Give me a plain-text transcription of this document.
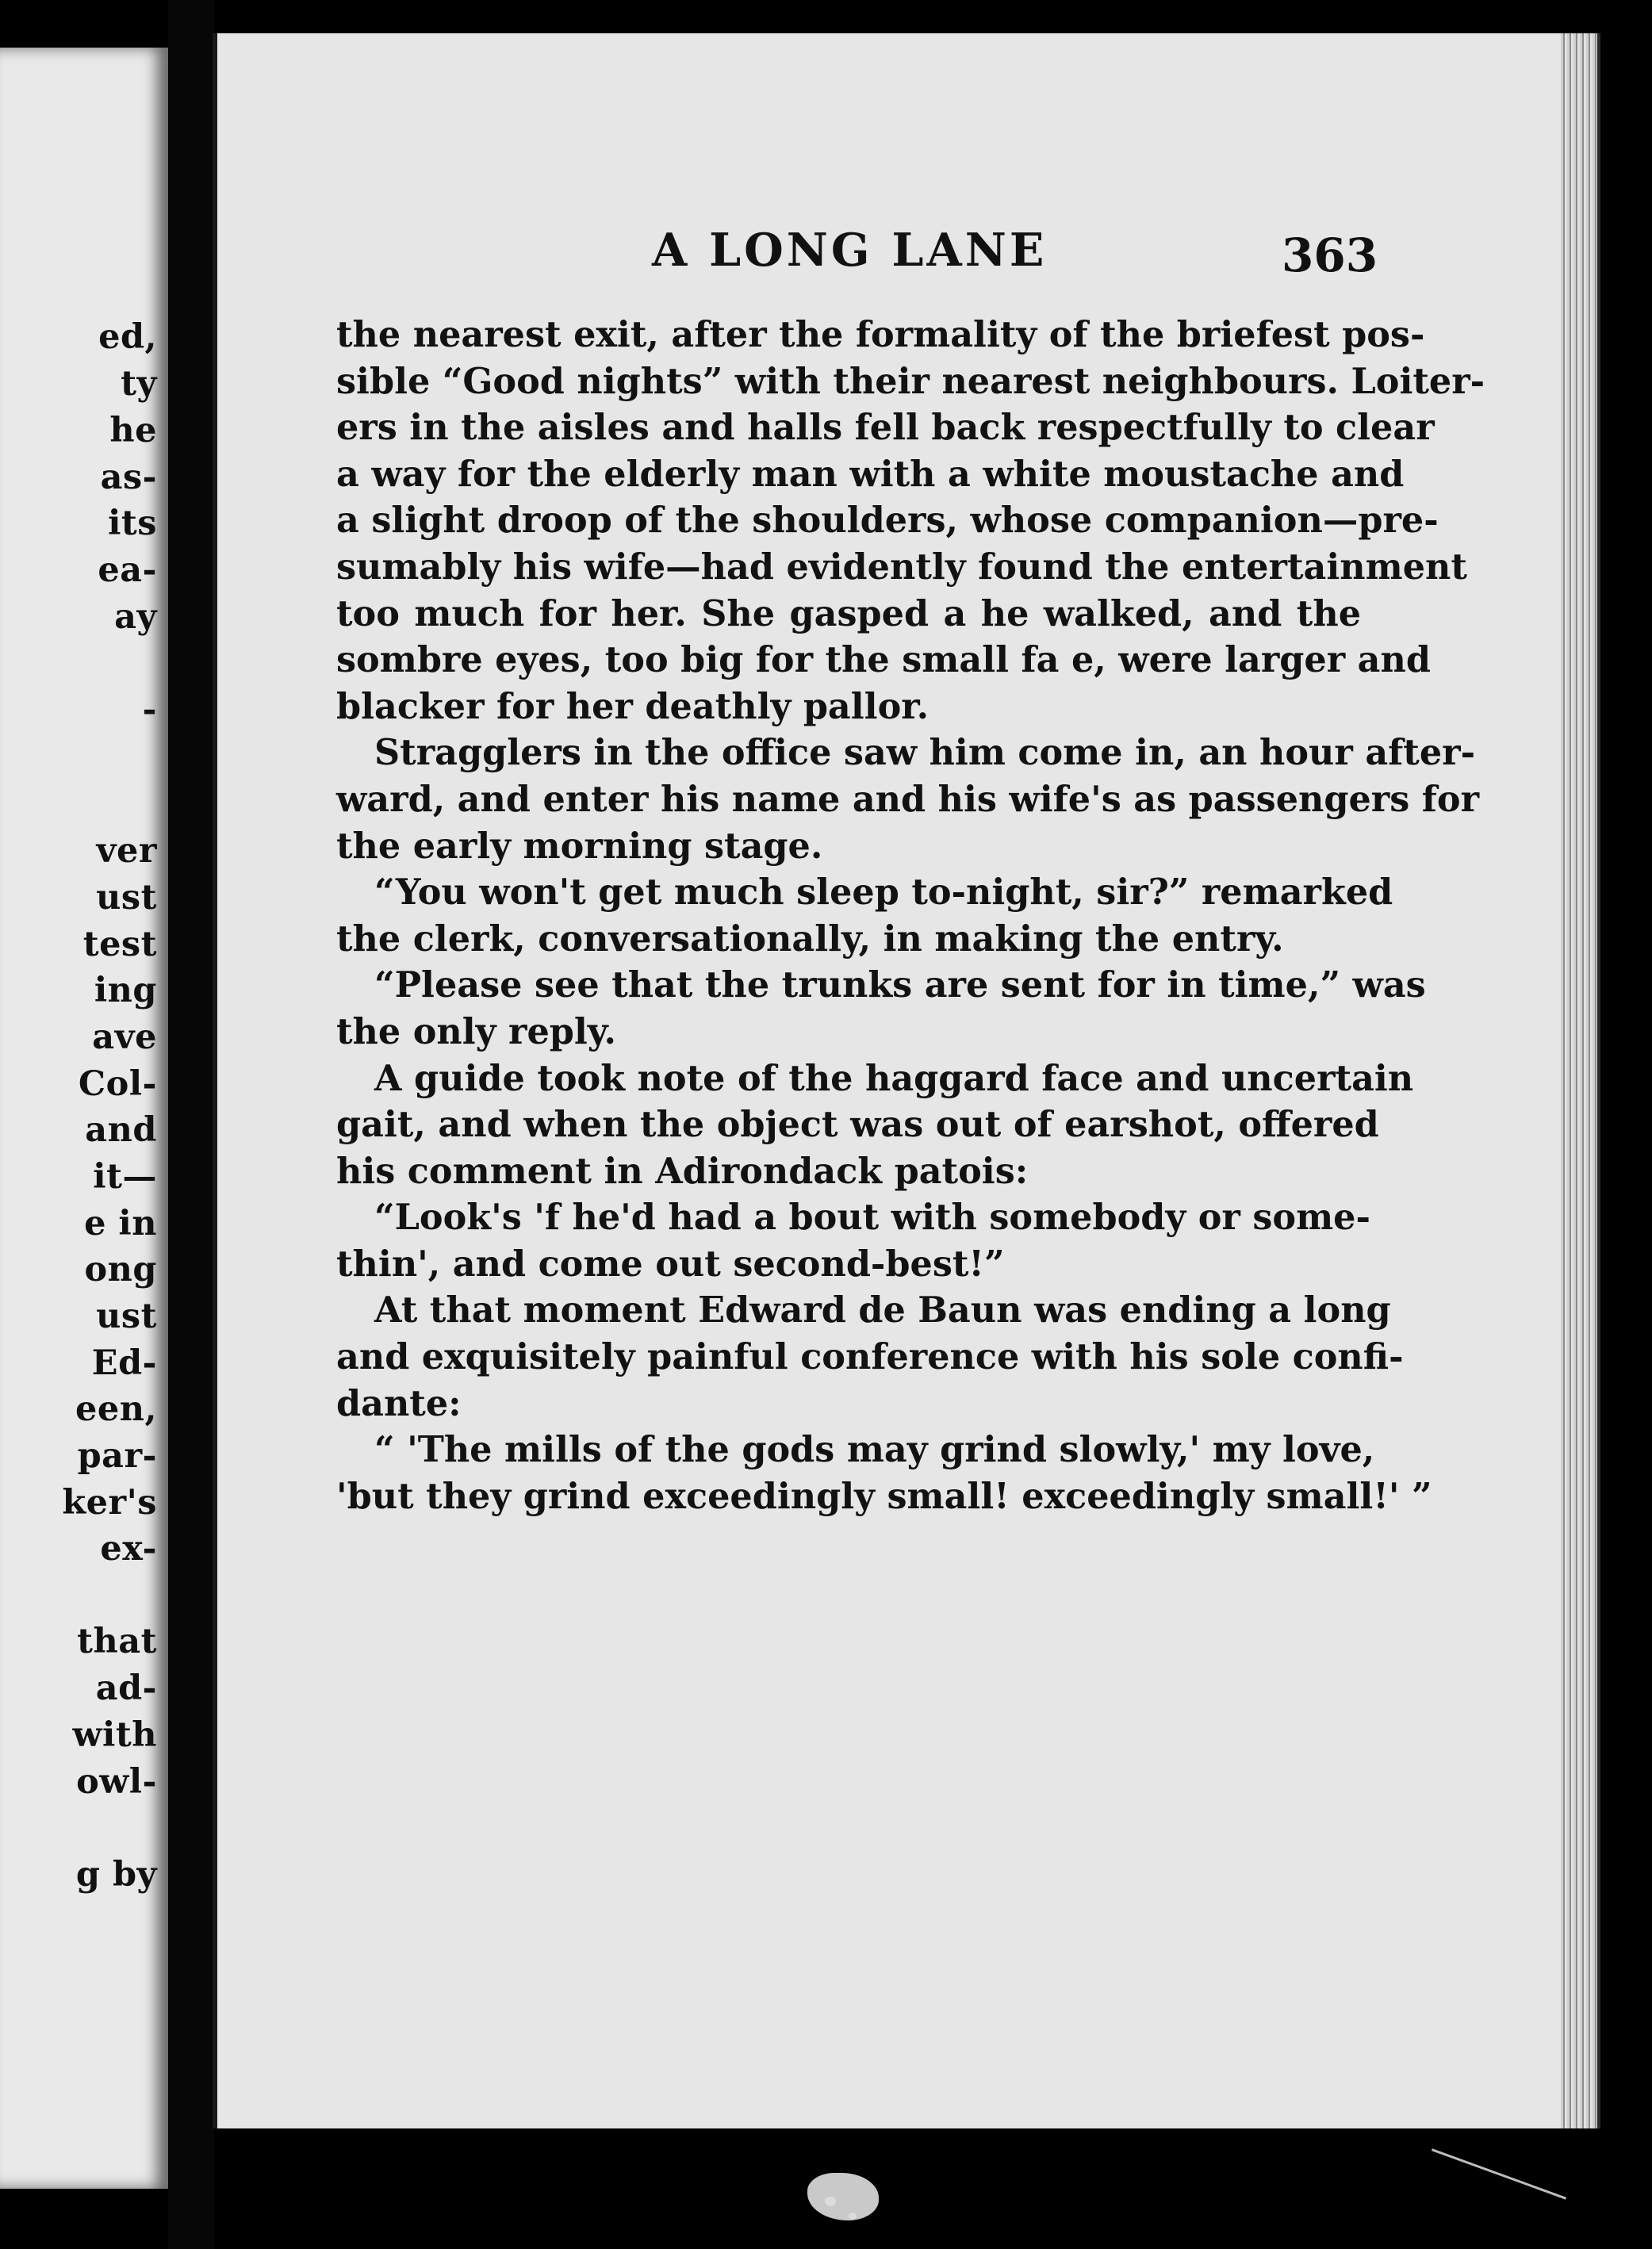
ed,
ty
he
as-
its
ea-
ay
-
ver
ust
test
ing
ave
Col-
and
it—
e in
ong
ust
Ed-
een,
par-
ker's
ex-
that
ad-
with
owl-
g by
A LONG LANE	363
the nearest exit, after the formality of the briefest pos-
sible “Good nights” with their nearest neighbours. Loiter-
ers in the aisles and halls fell back respectfully to clear
a way for the elderly man with a white moustache and
a slight droop of the shoulders, whose companion—pre-
sumably his wife—had evidently found the entertainment
too much for her. She gasped a he walked, and the
sombre eyes, too big for the small fa e, were larger and
blacker for her deathly pallor.
Stragglers in the office saw him come in, an hour after-
ward, and enter his name and his wife's as passengers for
the early morning stage.
“You won't get much sleep to-night, sir?” remarked
the clerk, conversationally, in making the entry.
“Please see that the trunks are sent for in time,” was
the only reply.
A guide took note of the haggard face and uncertain
gait, and when the object was out of earshot, offered
his comment in Adirondack patois:
“Look's 'f he'd had a bout with somebody or some-
thin', and come out second-best!”
At that moment Edward de Baun was ending a long
and exquisitely painful conference with his sole confi-
dante:
“ 'The mills of the gods may grind slowly,' my love,
'but they grind exceedingly small! exceedingly small!' ”
